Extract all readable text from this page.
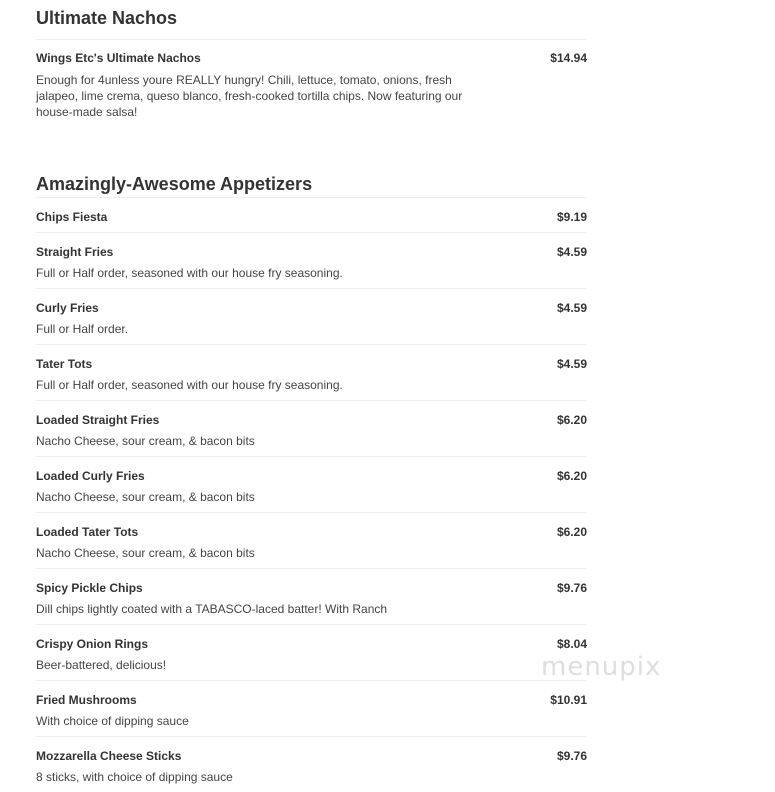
Ultimate Nachos
Wings Etc's Ultimate Nachos	$14.94
Enough for 4unless youre REALLY hungry! Chili, lettuce, tomato, onions, fresh jalapeo, lime crema, queso blanco, fresh-cooked tortilla chips. Now featuring our house-made salsa!
Amazingly-Awesome Appetizers
Chips Fiesta	$9.19
Straight Fries	$4.59
Full or Half order, seasoned with our house fry seasoning.
Curly Fries	$4.59
Full or Half order.
Tater Tots	$4.59
Full or Half order, seasoned with our house fry seasoning.
Loaded Straight Fries	$6.20
Nacho Cheese, sour cream, & bacon bits
Loaded Curly Fries	$6.20
Nacho Cheese, sour cream, & bacon bits
Loaded Tater Tots	$6.20
Nacho Cheese, sour cream, & bacon bits
Spicy Pickle Chips	$9.76
Dill chips lightly coated with a TABASCO-laced batter! With Ranch
Crispy Onion Rings	$8.04
Beer-battered, delicious!
Fried Mushrooms	$10.91
With choice of dipping sauce
Mozzarella Cheese Sticks	$9.76
8 sticks, with choice of dipping sauce
menupix
